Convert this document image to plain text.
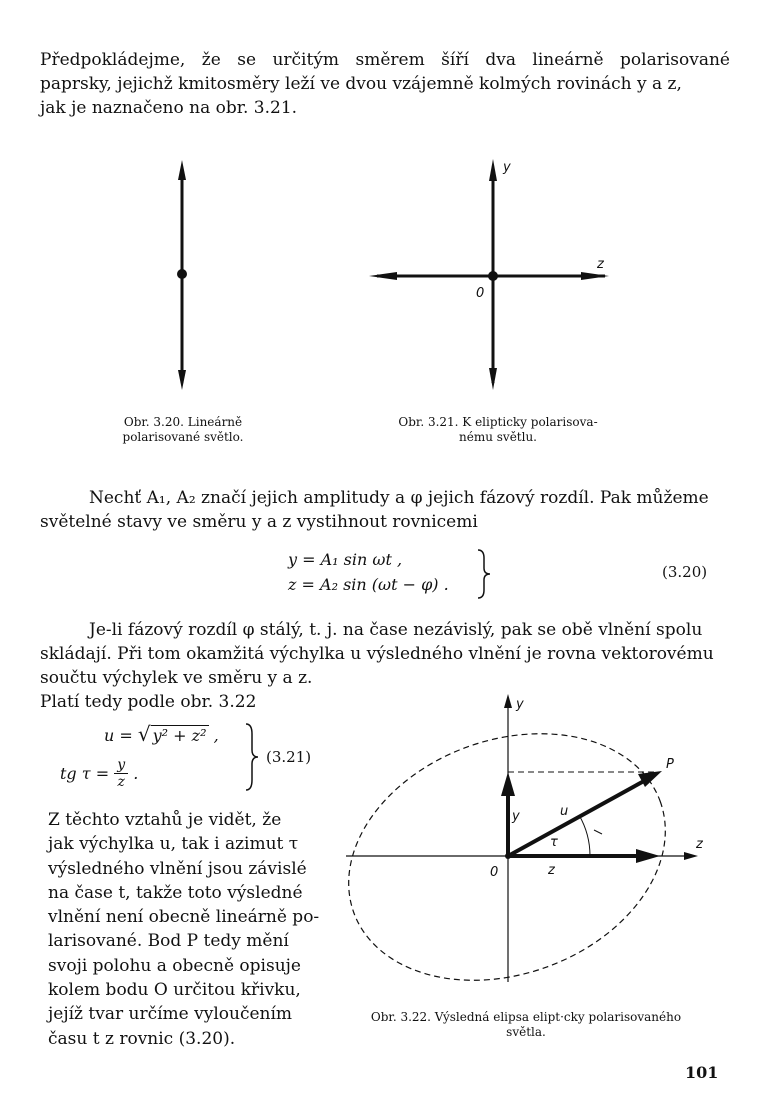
Předpokládejme, že se určitým směrem šíří dva lineárně polarisované
paprsky, jejichž kmitosměry leží ve dvou vzájemně kolmých rovinách y a z,
jak je naznačeno na obr. 3.21.
Obr. 3.20. Lineárně
polarisované světlo.
y
z
0
Obr. 3.21. K elipticky polarisova-
nému světlu.
Nechť A₁, A₂ značí jejich amplitudy a φ jejich fázový rozdíl. Pak můžeme
světelné stavy ve směru y a z vystihnout rovnicemi
y = A₁ sin ωt ,
z = A₂ sin (ωt − φ) .
(3.20)
Je-li fázový rozdíl φ stálý, t. j. na čase nezávislý, pak se obě vlnění spolu
skládají. Při tom okamžitá výchylka u výsledného vlnění je rovna vektorovému
součtu výchylek ve směru y a z.
Platí tedy podle obr. 3.22
u = √ y² + z² ,
tg $\tau = \frac{y}{z}$ .
(3.21)
Z těchto vztahů je vidět, že
jak výchylka u, tak i azimut τ
výsledného vlnění jsou závislé
na čase t, takže toto výsledné
vlnění není obecně lineárně po-
larisované. Bod P tedy mění
svoji polohu a obecně opisuje
kolem bodu O určitou křivku,
jejíž tvar určíme vyloučením
času t z rovnic (3.20).
y
z
0
P
u
y
z
τ
Obr. 3.22. Výsledná elipsa elipt·cky polarisovaného
světla.
101
